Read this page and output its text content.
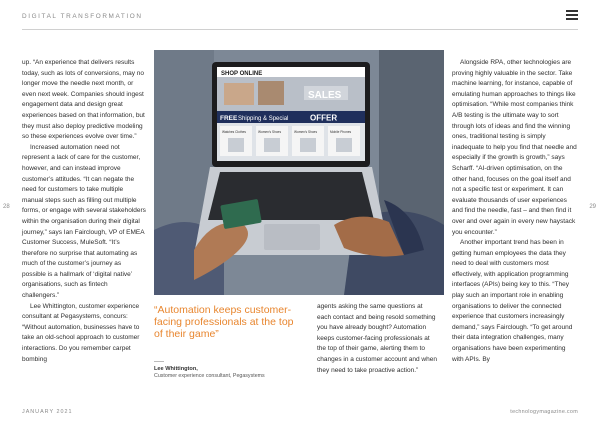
DIGITAL TRANSFORMATION
28	29

up. “An experience that delivers results today, such as lots of conversions, may no longer move the needle next month, or even next week. Companies should ingest engagement data and design great experiences based on that information, but they must also deploy predictive modeling so these experiences evolve over time.”

Increased automation need not represent a lack of care for the customer, however, and can instead improve customer’s attitudes. “It can negate the need for customers to take multiple manual steps such as filling out multiple forms, or engage with several stakeholders within the organisation during their digital journey,” says Ian Fairclough, VP of EMEA Customer Success, MuleSoft. “It’s therefore no surprise that automating as much of the customer’s journey as possible is a hallmark of ‘digital native’ organisations, such as fintech challengers.”

Lee Whittington, customer experience consultant at Pegasystems, concurs: “Without automation, businesses have to take an old-school approach to customer interactions. Do you remember carpet bombing

SHOP ONLINE
SALES
FREE Shipping & Special	OFFER
Watches Clothes	Women's Shoes	Women's Shoes	Mobile Phones
“Automation keeps customer-facing professionals at the top of their game”
Lee Whittington,
Customer experience consultant, Pegasystems

agents asking the same questions at each contact and being resold something you have already bought? Automation keeps customer-facing professionals at the top of their game, alerting them to changes in a customer account and when they need to take proactive action.”

Alongside RPA, other technologies are proving highly valuable in the sector. Take machine learning, for instance, capable of emulating human approaches to things like optimisation. “While most companies think A/B testing is the ultimate way to sort through lots of ideas and find the winning ones, traditional testing is simply inadequate to help you find that needle and especially if the growth is growth,” says Scharff. “AI-driven optimisation, on the other hand, focuses on the goal itself and not a specific test or experiment. It can evaluate thousands of user experiences and find the needle, fast – and then find it over and over again in every new haystack you encounter.”

Another important trend has been in getting human employees the data they need to deal with customers most effectively, with application programming interfaces (APIs) being key to this. “They play such an important role in enabling organisations to deliver the connected experience that customers increasingly demand,” says Fairclough. “To get around their data integration challenges, many organisations have been experimenting with APIs. By

JANUARY 2021	technologymagazine.com
